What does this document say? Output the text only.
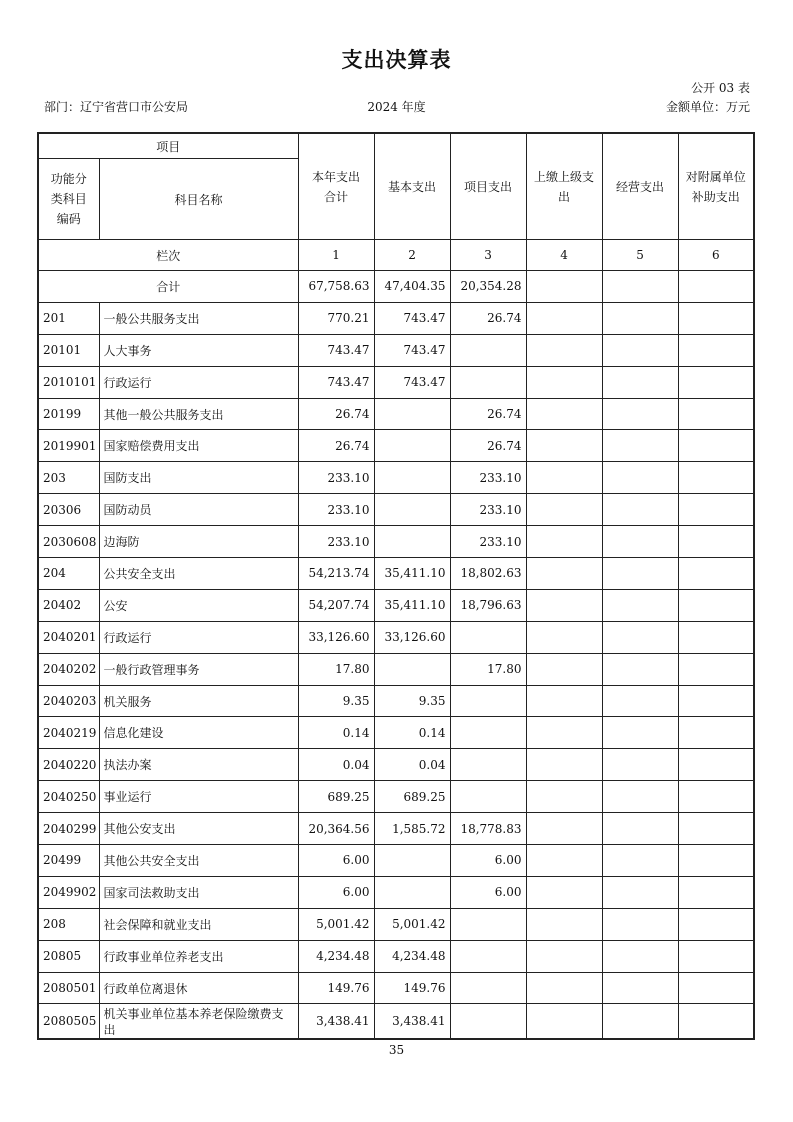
支出决算表
公开 03 表
部门：辽宁省营口市公安局	2024 年度	金额单位：万元
项目		本年支出合计	基本支出	项目支出	上缴上级支出	经营支出	对附属单位补助支出

功能分类科目编码	科目名称						
栏次		1	2	3	4	5	6
合计		67,758.63	47,404.35	20,354.28			
201	一般公共服务支出	770.21	743.47	26.74			
20101	人大事务	743.47	743.47				
2010101	行政运行	743.47	743.47				
20199	其他一般公共服务支出	26.74		26.74			
2019901	国家赔偿费用支出	26.74		26.74			
203	国防支出	233.10		233.10			
20306	国防动员	233.10		233.10			
2030608	边海防	233.10		233.10			
204	公共安全支出	54,213.74	35,411.10	18,802.63			
20402	公安	54,207.74	35,411.10	18,796.63			
2040201	行政运行	33,126.60	33,126.60				
2040202	一般行政管理事务	17.80		17.80			
2040203	机关服务	9.35	9.35				
2040219	信息化建设	0.14	0.14				
2040220	执法办案	0.04	0.04				
2040250	事业运行	689.25	689.25				
2040299	其他公安支出	20,364.56	1,585.72	18,778.83			
20499	其他公共安全支出	6.00		6.00			
2049902	国家司法救助支出	6.00		6.00			
208	社会保障和就业支出	5,001.42	5,001.42				
20805	行政事业单位养老支出	4,234.48	4,234.48				
2080501	行政单位离退休	149.76	149.76				
2080505	机关事业单位基本养老保险缴费支出	3,438.41	3,438.41				
35
